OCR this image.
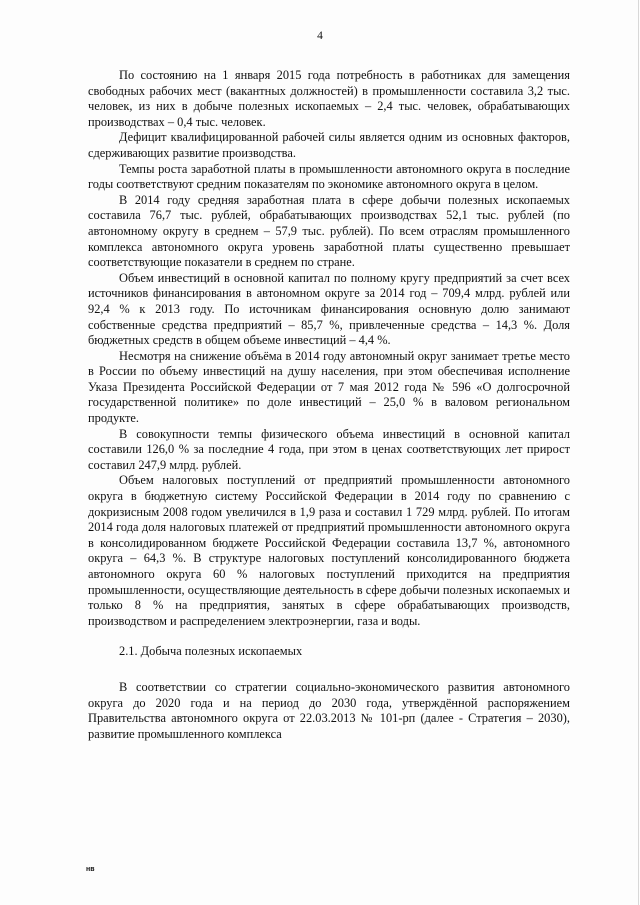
4

По состоянию на 1 января 2015 года потребность в работниках для замещения свободных рабочих мест (вакантных должностей) в промышленности составила 3,2 тыс. человек, из них в добыче полезных ископаемых – 2,4 тыс. человек, обрабатывающих производствах – 0,4 тыс. человек.

Дефицит квалифицированной рабочей силы является одним из основных факторов, сдерживающих развитие производства.

Темпы роста заработной платы в промышленности автономного округа в последние годы соответствуют средним показателям по экономике автономного округа в целом.

В 2014 году средняя заработная плата в сфере добычи полезных ископаемых составила 76,7 тыс. рублей, обрабатывающих производствах 52,1 тыс. рублей (по автономному округу в среднем – 57,9 тыс. рублей). По всем отраслям промышленного комплекса автономного округа уровень заработной платы существенно превышает соответствующие показатели в среднем по стране.

Объем инвестиций в основной капитал по полному кругу предприятий за счет всех источников финансирования в автономном округе за 2014 год – 709,4 млрд. рублей или 92,4 % к 2013 году. По источникам финансирования основную долю занимают собственные средства предприятий – 85,7 %, привлеченные средства – 14,3 %. Доля бюджетных средств в общем объеме инвестиций – 4,4 %.

Несмотря на снижение объёма в 2014 году автономный округ занимает третье место в России по объему инвестиций на душу населения, при этом обеспечивая исполнение Указа Президента Российской Федерации от 7 мая 2012 года № 596 «О долгосрочной государственной политике» по доле инвестиций – 25,0 % в валовом региональном продукте.

В совокупности темпы физического объема инвестиций в основной капитал составили 126,0 % за последние 4 года, при этом в ценах соответствующих лет прирост составил 247,9 млрд. рублей.

Объем налоговых поступлений от предприятий промышленности автономного округа в бюджетную систему Российской Федерации в 2014 году по сравнению с докризисным 2008 годом увеличился в 1,9 раза и составил 1 729 млрд. рублей. По итогам 2014 года доля налоговых платежей от предприятий промышленности автономного округа в консолидированном бюджете Российской Федерации составила 13,7 %, автономного округа – 64,3 %. В структуре налоговых поступлений консолидированного бюджета автономного округа 60 % налоговых поступлений приходится на предприятия промышленности, осуществляющие деятельность в сфере добычи полезных ископаемых и только 8 % на предприятия, занятых в сфере обрабатывающих производств, производством и распределением электроэнергии, газа и воды.

2.1. Добыча полезных ископаемых

В соответствии со стратегии социально-экономического развития автономного округа до 2020 года и на период до 2030 года, утверждённой распоряжением Правительства автономного округа от 22.03.2013 № 101-рп (далее - Стратегия – 2030), развитие промышленного комплекса

нв
